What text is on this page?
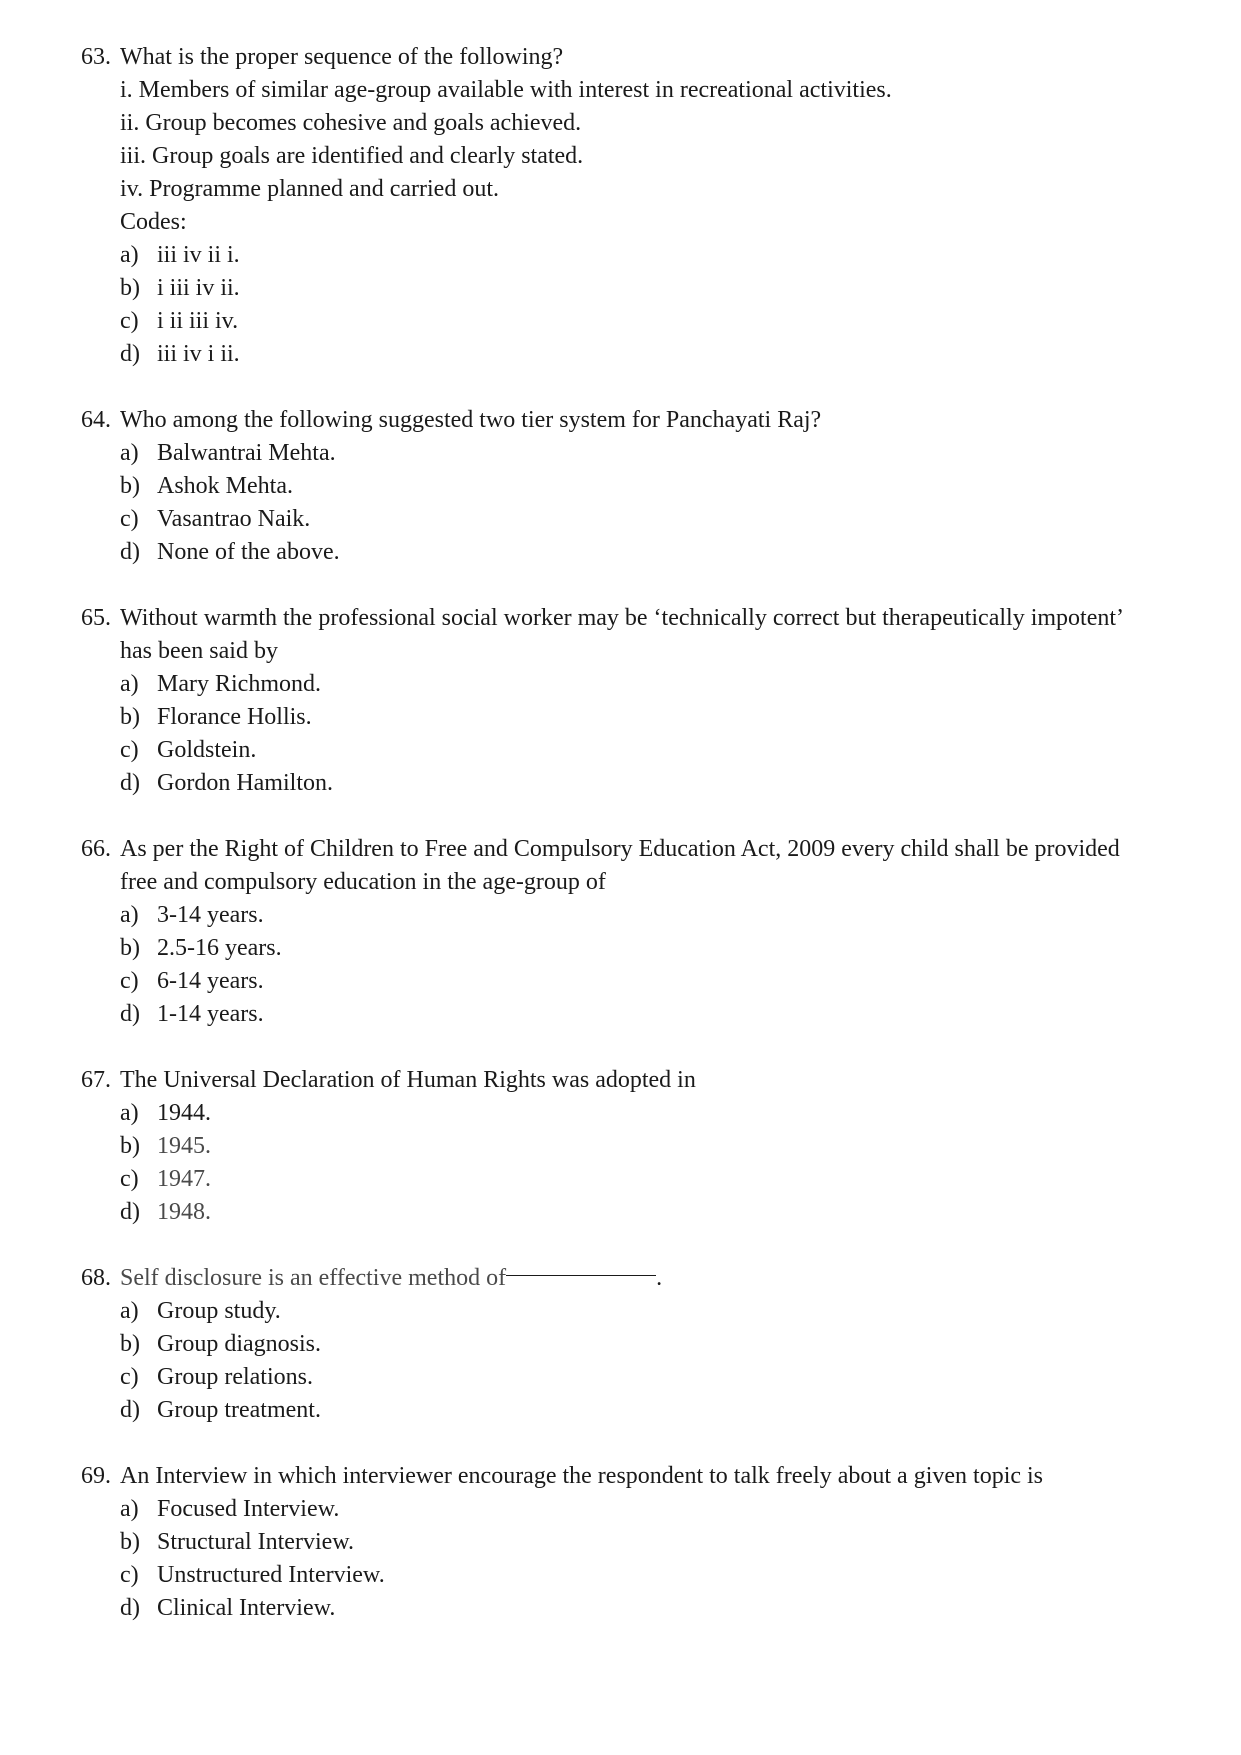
63. What is the proper sequence of the following?
i. Members of similar age-group available with interest in recreational activities.
ii. Group becomes cohesive and goals achieved.
iii. Group goals are identified and clearly stated.
iv. Programme planned and carried out.
Codes:
a) iii iv ii i.
b) i iii iv ii.
c) i ii iii iv.
d) iii iv i ii.
64. Who among the following suggested two tier system for Panchayati Raj?
a) Balwantrai Mehta.
b) Ashok Mehta.
c) Vasantrao Naik.
d) None of the above.
65. Without warmth the professional social worker may be ‘technically correct but therapeutically impotent’
has been said by
a) Mary Richmond.
b) Florance Hollis.
c) Goldstein.
d) Gordon Hamilton.
66. As per the Right of Children to Free and Compulsory Education Act, 2009 every child shall be provided
free and compulsory education in the age-group of
a) 3-14 years.
b) 2.5-16 years.
c) 6-14 years.
d) 1-14 years.
67. The Universal Declaration of Human Rights was adopted in
a) 1944.
b) 1945.
c) 1947.
d) 1948.
68. Self disclosure is an effective method of	.
a) Group study.
b) Group diagnosis.
c) Group relations.
d) Group treatment.
69. An Interview in which interviewer encourage the respondent to talk freely about a given topic is
a) Focused Interview.
b) Structural Interview.
c) Unstructured Interview.
d) Clinical Interview.
